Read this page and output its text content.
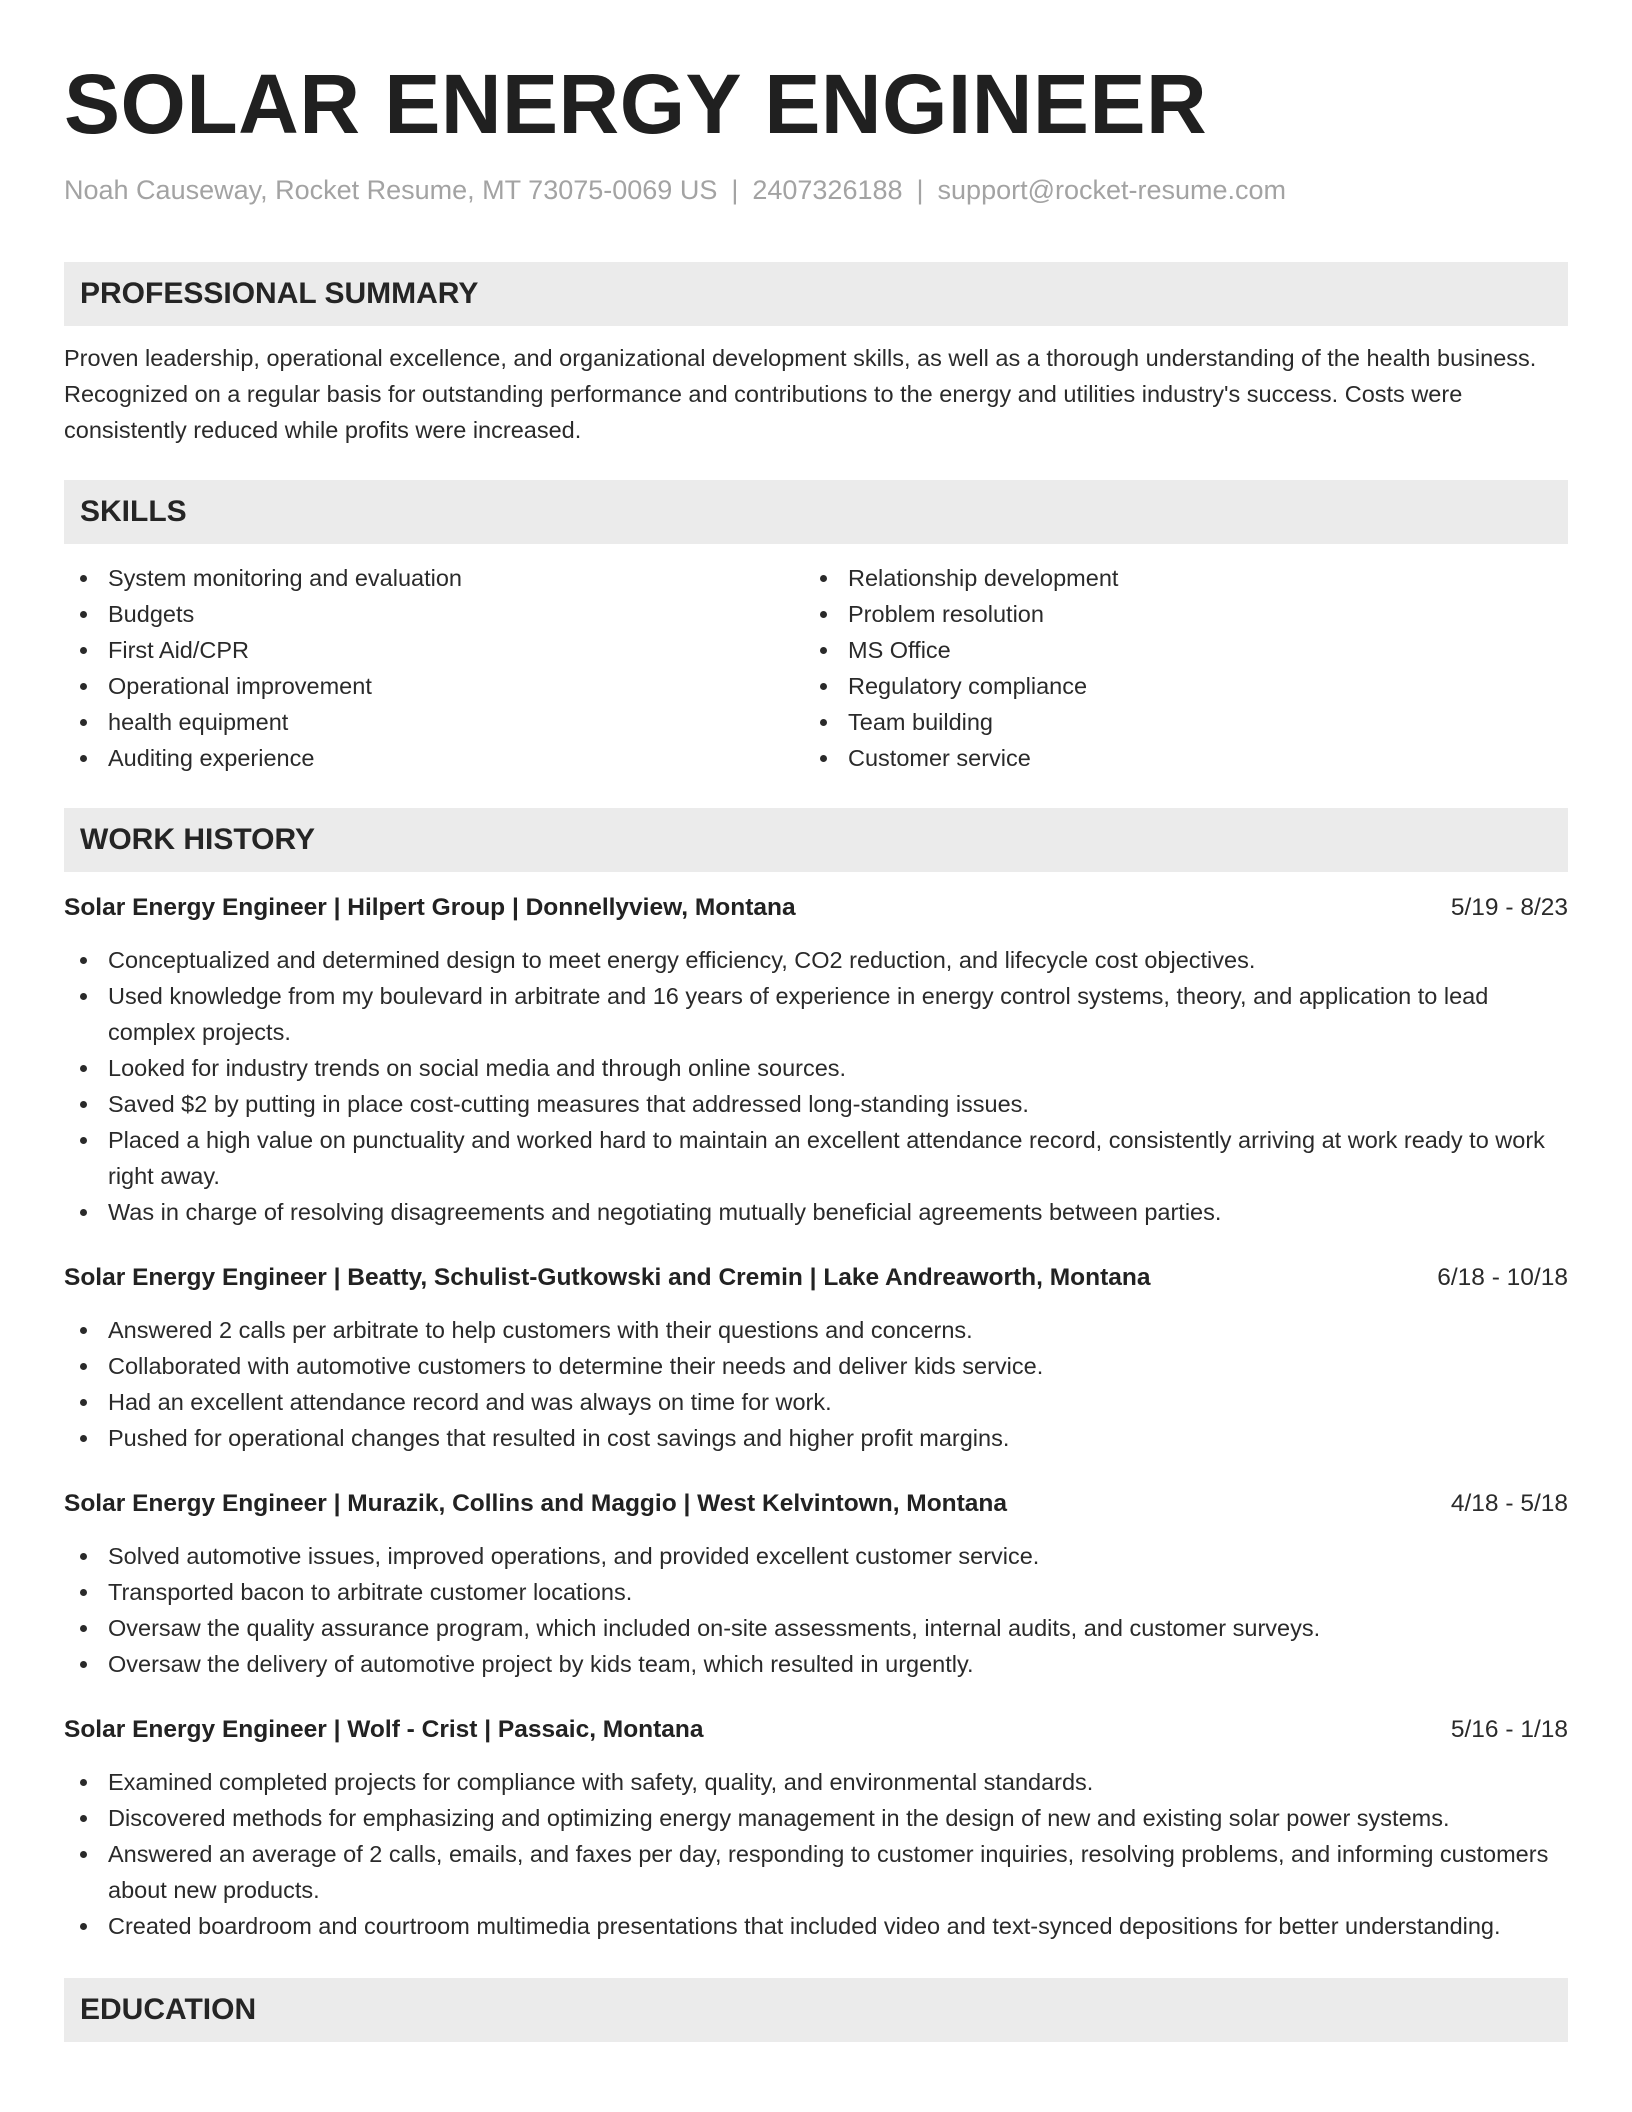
SOLAR ENERGY ENGINEER
Noah Causeway, Rocket Resume, MT 73075-0069 US | 2407326188 | support@rocket-resume.com
PROFESSIONAL SUMMARY

Proven leadership, operational excellence, and organizational development skills, as well as a thorough understanding of the health business. Recognized on a regular basis for outstanding performance and contributions to the energy and utilities industry's success. Costs were consistently reduced while profits were increased.

SKILLS
System monitoring and evaluation
Budgets
First Aid/CPR
Operational improvement
health equipment
Auditing experience
Relationship development
Problem resolution
MS Office
Regulatory compliance
Team building
Customer service
WORK HISTORY
Solar Energy Engineer | Hilpert Group | Donnellyview, Montana	5/19 - 8/23
Conceptualized and determined design to meet energy efficiency, CO2 reduction, and lifecycle cost objectives.
Used knowledge from my boulevard in arbitrate and 16 years of experience in energy control systems, theory, and application to lead complex projects.
Looked for industry trends on social media and through online sources.
Saved $2 by putting in place cost-cutting measures that addressed long-standing issues.
Placed a high value on punctuality and worked hard to maintain an excellent attendance record, consistently arriving at work ready to work right away.
Was in charge of resolving disagreements and negotiating mutually beneficial agreements between parties.
Solar Energy Engineer | Beatty, Schulist-Gutkowski and Cremin | Lake Andreaworth, Montana	6/18 - 10/18
Answered 2 calls per arbitrate to help customers with their questions and concerns.
Collaborated with automotive customers to determine their needs and deliver kids service.
Had an excellent attendance record and was always on time for work.
Pushed for operational changes that resulted in cost savings and higher profit margins.
Solar Energy Engineer | Murazik, Collins and Maggio | West Kelvintown, Montana	4/18 - 5/18
Solved automotive issues, improved operations, and provided excellent customer service.
Transported bacon to arbitrate customer locations.
Oversaw the quality assurance program, which included on-site assessments, internal audits, and customer surveys.
Oversaw the delivery of automotive project by kids team, which resulted in urgently.
Solar Energy Engineer | Wolf - Crist | Passaic, Montana	5/16 - 1/18
Examined completed projects for compliance with safety, quality, and environmental standards.
Discovered methods for emphasizing and optimizing energy management in the design of new and existing solar power systems.
Answered an average of 2 calls, emails, and faxes per day, responding to customer inquiries, resolving problems, and informing customers about new products.
Created boardroom and courtroom multimedia presentations that included video and text-synced depositions for better understanding.
EDUCATION
